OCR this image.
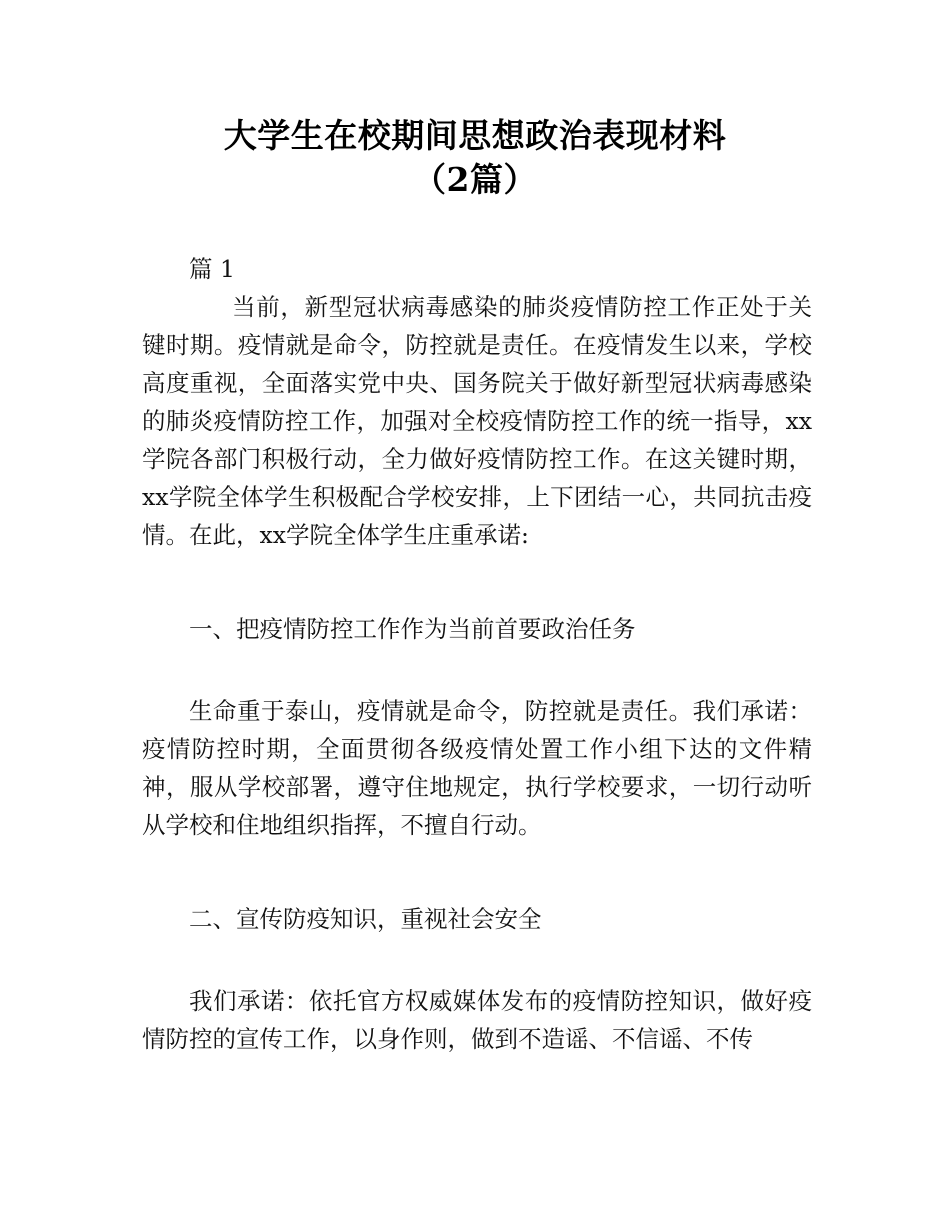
大学生在校期间思想政治表现材料
（2篇）

篇 1

当前，新型冠状病毒感染的肺炎疫情防控工作正处于关键时期。疫情就是命令，防控就是责任。在疫情发生以来，学校高度重视，全面落实党中央、国务院关于做好新型冠状病毒感染的肺炎疫情防控工作，加强对全校疫情防控工作的统一指导，xx学院各部门积极行动，全力做好疫情防控工作。在这关键时期，xx学院全体学生积极配合学校安排，上下团结一心，共同抗击疫情。在此，xx学院全体学生庄重承诺:

一、把疫情防控工作作为当前首要政治任务

生命重于泰山，疫情就是命令，防控就是责任。我们承诺：疫情防控时期，全面贯彻各级疫情处置工作小组下达的文件精神，服从学校部署，遵守住地规定，执行学校要求，一切行动听从学校和住地组织指挥，不擅自行动。

二、宣传防疫知识，重视社会安全

我们承诺：依托官方权威媒体发布的疫情防控知识，做好疫情防控的宣传工作，以身作则，做到不造谣、不信谣、不传
